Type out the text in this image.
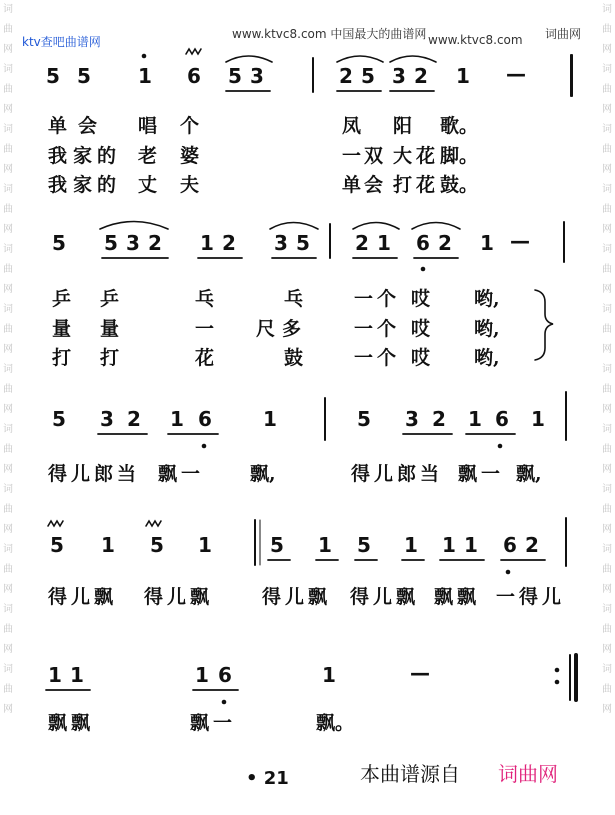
ktv查吧曲谱网
www.ktvc8.com 中国最大的曲谱网 www.ktvc8.com 词曲网
词
曲
网
词
曲
网
词
曲
网
词
曲
网
词
曲
网
词
曲
网
词
曲
网
词
曲
网
词
曲
网
词
曲
网
词
曲
网
词
曲
网
词
曲
网
词
曲
网
词
曲
网
词
曲
网
词
曲
网
词
曲
网
词
曲
网
词
曲
网
词
曲
网
词
曲
网
词
曲
网
词
曲
网
5 5 1 6 5 3	2 5 3 2 1 —
单 会 唱 个	凤 阳 歌。
我 家 的 老 婆	一 双 大 花 脚。
我 家 的 丈 夫	单 会 打 花 鼓。
5 5 3 2 1 2 3 5 2 1 6 2 1 —
乒 乒	乓	乓	一 个 哎 哟,
量 量	一 尺 多	一 个 哎 哟,
打 打	花	鼓	一 个 哎 哟,
5 3 2 1 6	1	5 3 2 1 6 1
得 儿 郎 当 飘 一	飘,	得 儿 郎 当 飘 一 飘,
5 1 5 1	5 1 5 1 1 1 6 2
得 儿 飘 得 儿 飘	得 儿 飘 得 儿 飘 飘 飘 一 得 儿
1 1	1 6	1	—
飘 飘	飘 一	飘。
• 21	本曲谱源自 词曲网
